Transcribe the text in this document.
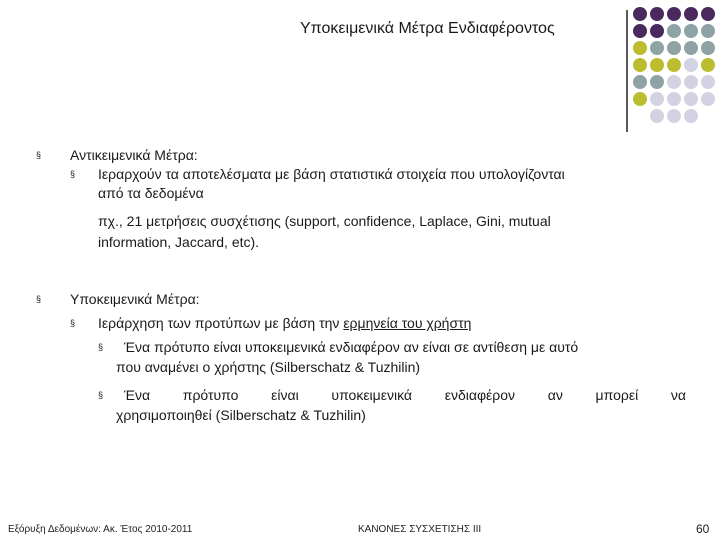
Υποκειμενικά Μέτρα Ενδιαφέροντος
§ Αντικειμενικά Μέτρα:
§ Ιεραρχούν τα αποτελέσματα με βάση στατιστικά στοιχεία που υπολογίζονται
από τα δεδομένα
πχ., 21 μετρήσεις συσχέτισης (support, confidence, Laplace, Gini, mutual
information, Jaccard, etc).
§ Υποκειμενικά Μέτρα:
§ Ιεράρχηση των προτύπων με βάση την ερμηνεία του χρήστη
§ Ένα πρότυπο είναι υποκειμενικά ενδιαφέρον αν είναι σε αντίθεση με αυτό
που αναμένει ο χρήστης (Silberschatz & Tuzhilin)
§ Ένα πρότυπο είναι υποκειμενικά ενδιαφέρον αν μπορεί να
χρησιμοποιηθεί (Silberschatz & Tuzhilin)
Εξόρυξη Δεδομένων: Ακ. Έτος 2010-2011	ΚΑΝΟΝΕΣ ΣΥΣΧΕΤΙΣΗΣ III	60
